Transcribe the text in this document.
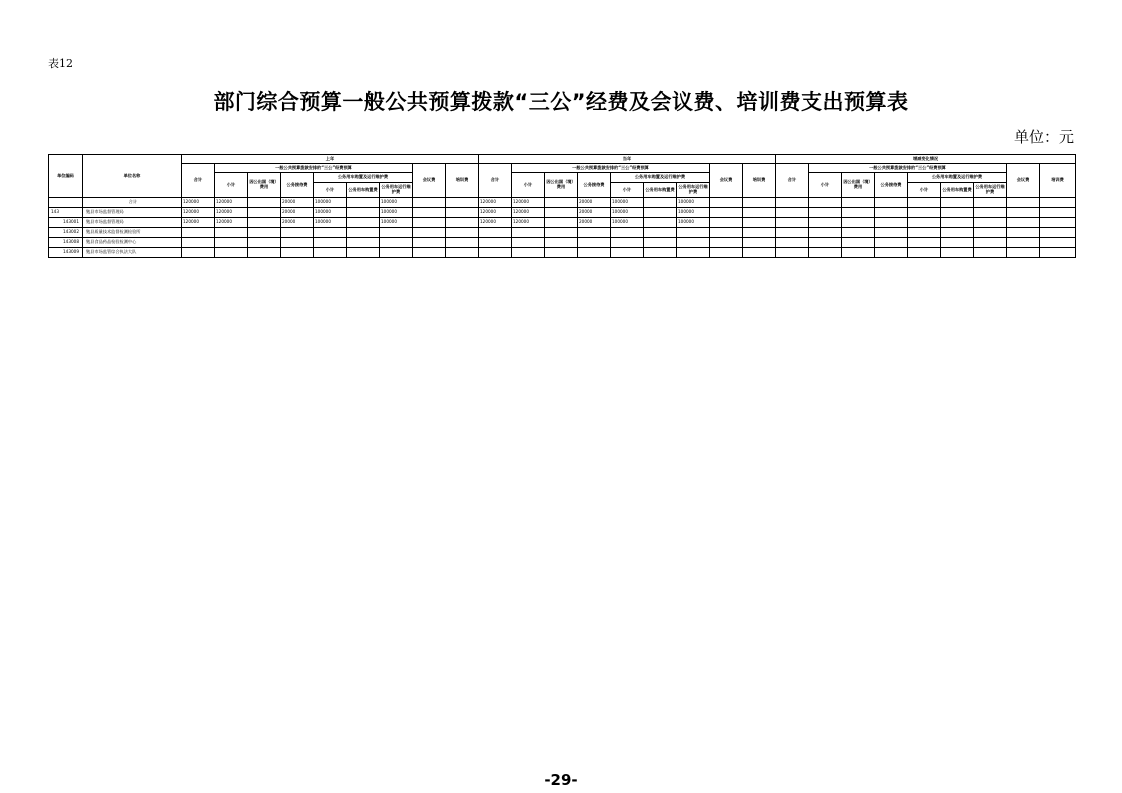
表12
部门综合预算一般公共预算拨款“三公”经费及会议费、培训费支出预算表
单位：元
单位编码	单位名称	上年									当年									增减变化情况								
		合计	一般公共预算拨款安排的“三公”经费预算						会议费	培训费	合计	一般公共预算拨款安排的“三公”经费预算						会议费	培训费	合计	一般公共预算拨款安排的“三公”经费预算						会议费	培训费
			小计	因公出国（境）费用	公务接待费	公务用车购置及运行维护费						小计	因公出国（境）费用	公务接待费	公务用车购置及运行维护费						小计	因公出国（境）费用	公务接待费	公务用车购置及运行维护费				
						小计	公务用车购置费	公务用车运行维护费							小计	公务用车购置费	公务用车运行维护费							小计	公务用车购置费	公务用车运行维护费		
	合计	120000	120000		20000	100000		100000			120000	120000		20000	100000		100000											
143	勉县市场监督管理局	120000	120000		20000	100000		100000			120000	120000		20000	100000		100000											
143001	勉县市场监督管理局	120000	120000		20000	100000		100000			120000	120000		20000	100000		100000											
143002	勉县质量技术监督检测检验所																											
143008	勉县食品药品检验检测中心																											
143009	勉县市场监管综合执法大队																											
-29-
